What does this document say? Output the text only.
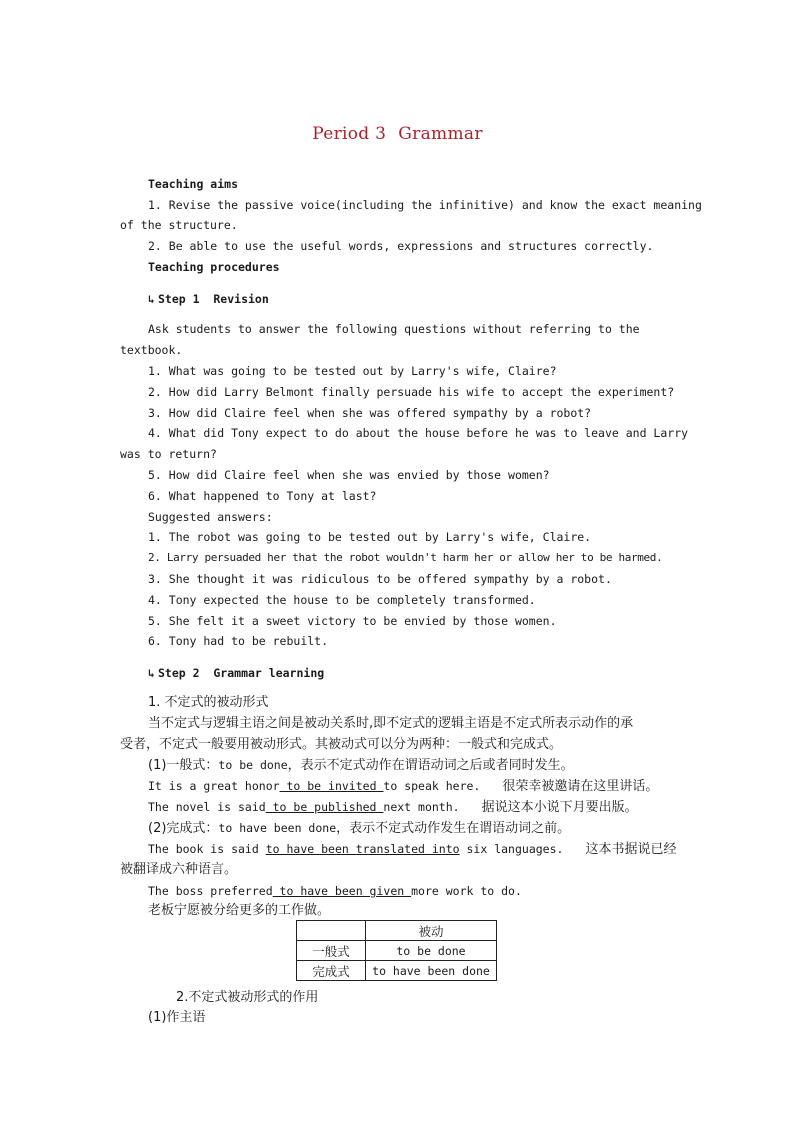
Period 3 Grammar
Teaching aims
1. Revise the passive voice(including the infinitive) and know the exact meaning
of the structure.
2. Be able to use the useful words, expressions and structures correctly.
Teaching procedures
↳ Step 1  Revision
Ask students to answer the following questions without referring to the
textbook.
1. What was going to be tested out by Larry's wife, Claire?
2. How did Larry Belmont finally persuade his wife to accept the experiment?
3. How did Claire feel when she was offered sympathy by a robot?
4. What did Tony expect to do about the house before he was to leave and Larry
was to return?
5. How did Claire feel when she was envied by those women?
6. What happened to Tony at last?
Suggested answers:
1. The robot was going to be tested out by Larry's wife, Claire.
2. Larry persuaded her that the robot wouldn't harm her or allow her to be harmed.
3. She thought it was ridiculous to be offered sympathy by a robot.
4. Tony expected the house to be completely transformed.
5. She felt it a sweet victory to be envied by those women.
6. Tony had to be rebuilt.
↳ Step 2  Grammar learning
1. 不定式的被动形式
当不定式与逻辑主语之间是被动关系时,即不定式的逻辑主语是不定式所表示动作的承
受者，不定式一般要用被动形式。其被动式可以分为两种：一般式和完成式。
(1)一般式：to be done，表示不定式动作在谓语动词之后或者同时发生。
It is a great honor to be invited to speak here. 很荣幸被邀请在这里讲话。
The novel is said to be published next month. 据说这本小说下月要出版。
(2)完成式：to have been done，表示不定式动作发生在谓语动词之前。
The book is said to have been translated into six languages. 这本书据说已经
被翻译成六种语言。
The boss preferred to have been given more work to do.
老板宁愿被分给更多的工作做。
	被动
一般式	to be done
完成式	to have been done
2.不定式被动形式的作用
(1)作主语
